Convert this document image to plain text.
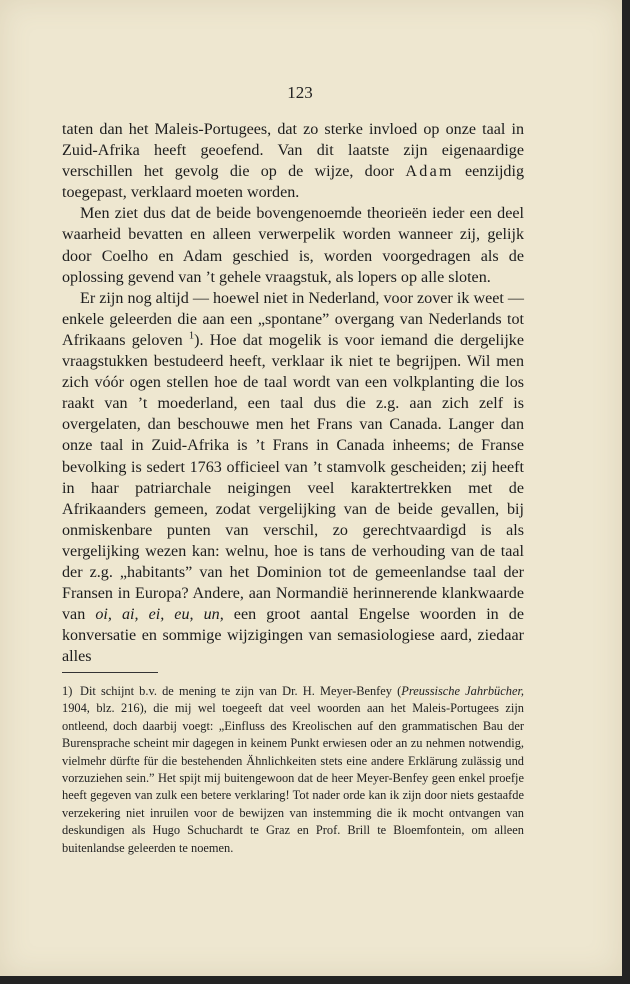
123

taten dan het Maleis-Portugees, dat zo sterke invloed op onze taal in Zuid-Afrika heeft geoefend. Van dit laatste zijn eigenaardige verschillen het gevolg die op de wijze, door Adam eenzijdig toegepast, verklaard moeten worden.

Men ziet dus dat de beide bovengenoemde theorieën ieder een deel waarheid bevatten en alleen verwerpelik worden wanneer zij, gelijk door Coelho en Adam geschied is, worden voorgedragen als de oplossing gevend van ’t gehele vraagstuk, als lopers op alle sloten.

Er zijn nog altijd — hoewel niet in Nederland, voor zover ik weet — enkele geleerden die aan een „spontane” overgang van Nederlands tot Afrikaans geloven $^1$). Hoe dat mogelik is voor iemand die dergelijke vraagstukken bestudeerd heeft, verklaar ik niet te begrijpen. Wil men zich vóór ogen stellen hoe de taal wordt van een volkplanting die los raakt van ’t moederland, een taal dus die z.g. aan zich zelf is overgelaten, dan beschouwe men het Frans van Canada. Langer dan onze taal in Zuid-Afrika is ’t Frans in Canada inheems; de Franse bevolking is sedert 1763 officieel van ’t stamvolk gescheiden; zij heeft in haar patriarchale neigingen veel karaktertrekken met de Afrikaanders gemeen, zodat vergelijking van de beide gevallen, bij onmiskenbare punten van verschil, zo gerechtvaardigd is als vergelijking wezen kan: welnu, hoe is tans de verhouding van de taal der z.g. „habitants” van het Dominion tot de gemeenlandse taal der Fransen in Europa? Andere, aan Normandië herinnerende klankwaarde van oi, ai, ei, eu, un, een groot aantal Engelse woorden in de konversatie en sommige wijzigingen van semasiologiese aard, ziedaar alles

1) Dit schijnt b.v. de mening te zijn van Dr. H. Meyer-Benfey (Preussische Jahrbücher, 1904, blz. 216), die mij wel toegeeft dat veel woorden aan het Maleis-Portugees zijn ontleend, doch daarbij voegt: „Einfluss des Kreolischen auf den grammatischen Bau der Burensprache scheint mir dagegen in keinem Punkt erwiesen oder an zu nehmen notwendig, vielmehr dürfte für die bestehenden Ähnlichkeiten stets eine andere Erklärung zulässig und vorzuziehen sein.” Het spijt mij buitengewoon dat de heer Meyer-Benfey geen enkel proefje heeft gegeven van zulk een betere verklaring! Tot nader orde kan ik zijn door niets gestaafde verzekering niet inruilen voor de bewijzen van instemming die ik mocht ontvangen van deskundigen als Hugo Schuchardt te Graz en Prof. Brill te Bloemfontein, om alleen buitenlandse geleerden te noemen.
